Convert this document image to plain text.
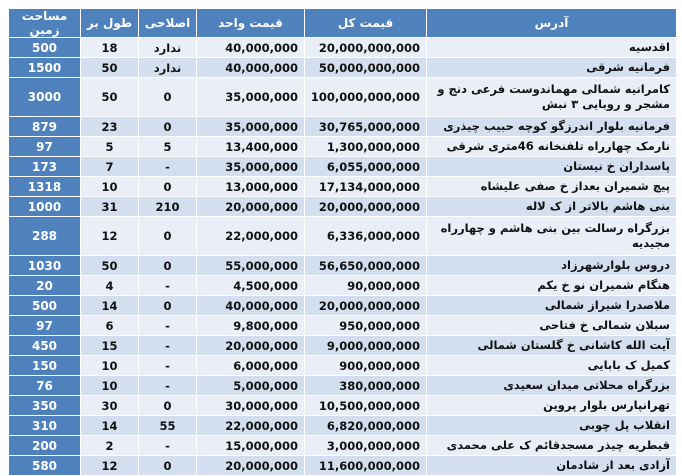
مساحت زمین	طول بر	اصلاحی	قیمت واحد	قیمت کل	آدرس
500	18	ندارد	40,000,000	20,000,000,000	اقدسیه
1500	50	ندارد	40,000,000	50,000,000,000	فرمانیه شرقی
3000	50	0	35,000,000	100,000,000,000	کامرانیه شمالی مهماندوست فرعی دنج و مشجر و روبایی ۳ نبش
879	23	0	35,000,000	30,765,000,000	فرمانیه بلوار اندرزگو کوچه حبیب چیذری
97	5	5	13,400,000	1,300,000,000	نارمک چهارراه تلفنخانه 46متری شرقی
173	7	-	35,000,000	6,055,000,000	پاسداران خ نیستان
1318	10	0	13,000,000	17,134,000,000	پیچ شمیران بعداز خ صفی علیشاه
1000	31	210	20,000,000	20,000,000,000	بنی هاشم بالاتر از ک لاله
288	12	0	22,000,000	6,336,000,000	بزرگراه رسالت بین بنی هاشم و چهارراه مجیدیه
1030	50	0	55,000,000	56,650,000,000	دروس بلوارشهرزاد
20	4	-	4,500,000	90,000,000	هنگام شمیران نو خ یکم
500	14	0	40,000,000	20,000,000,000	ملاصدرا شیراز شمالی
97	6	-	9,800,000	950,000,000	سبلان شمالی خ فتاحی
450	15	-	20,000,000	9,000,000,000	آیت الله کاشانی خ گلستان شمالی
150	10	-	6,000,000	900,000,000	کمیل ک بابایی
76	10	-	5,000,000	380,000,000	بزرگراه محلاتی میدان سعیدی
350	30	0	30,000,000	10,500,000,000	تهرانپارس بلوار پروین
310	14	55	22,000,000	6,820,000,000	انقلاب پل چوبی
200	2	-	15,000,000	3,000,000,000	قیطریه چیذر مسجدقائم ک علی محمدی
580	12	0	20,000,000	11,600,000,000	آزادی بعد از شادمان
